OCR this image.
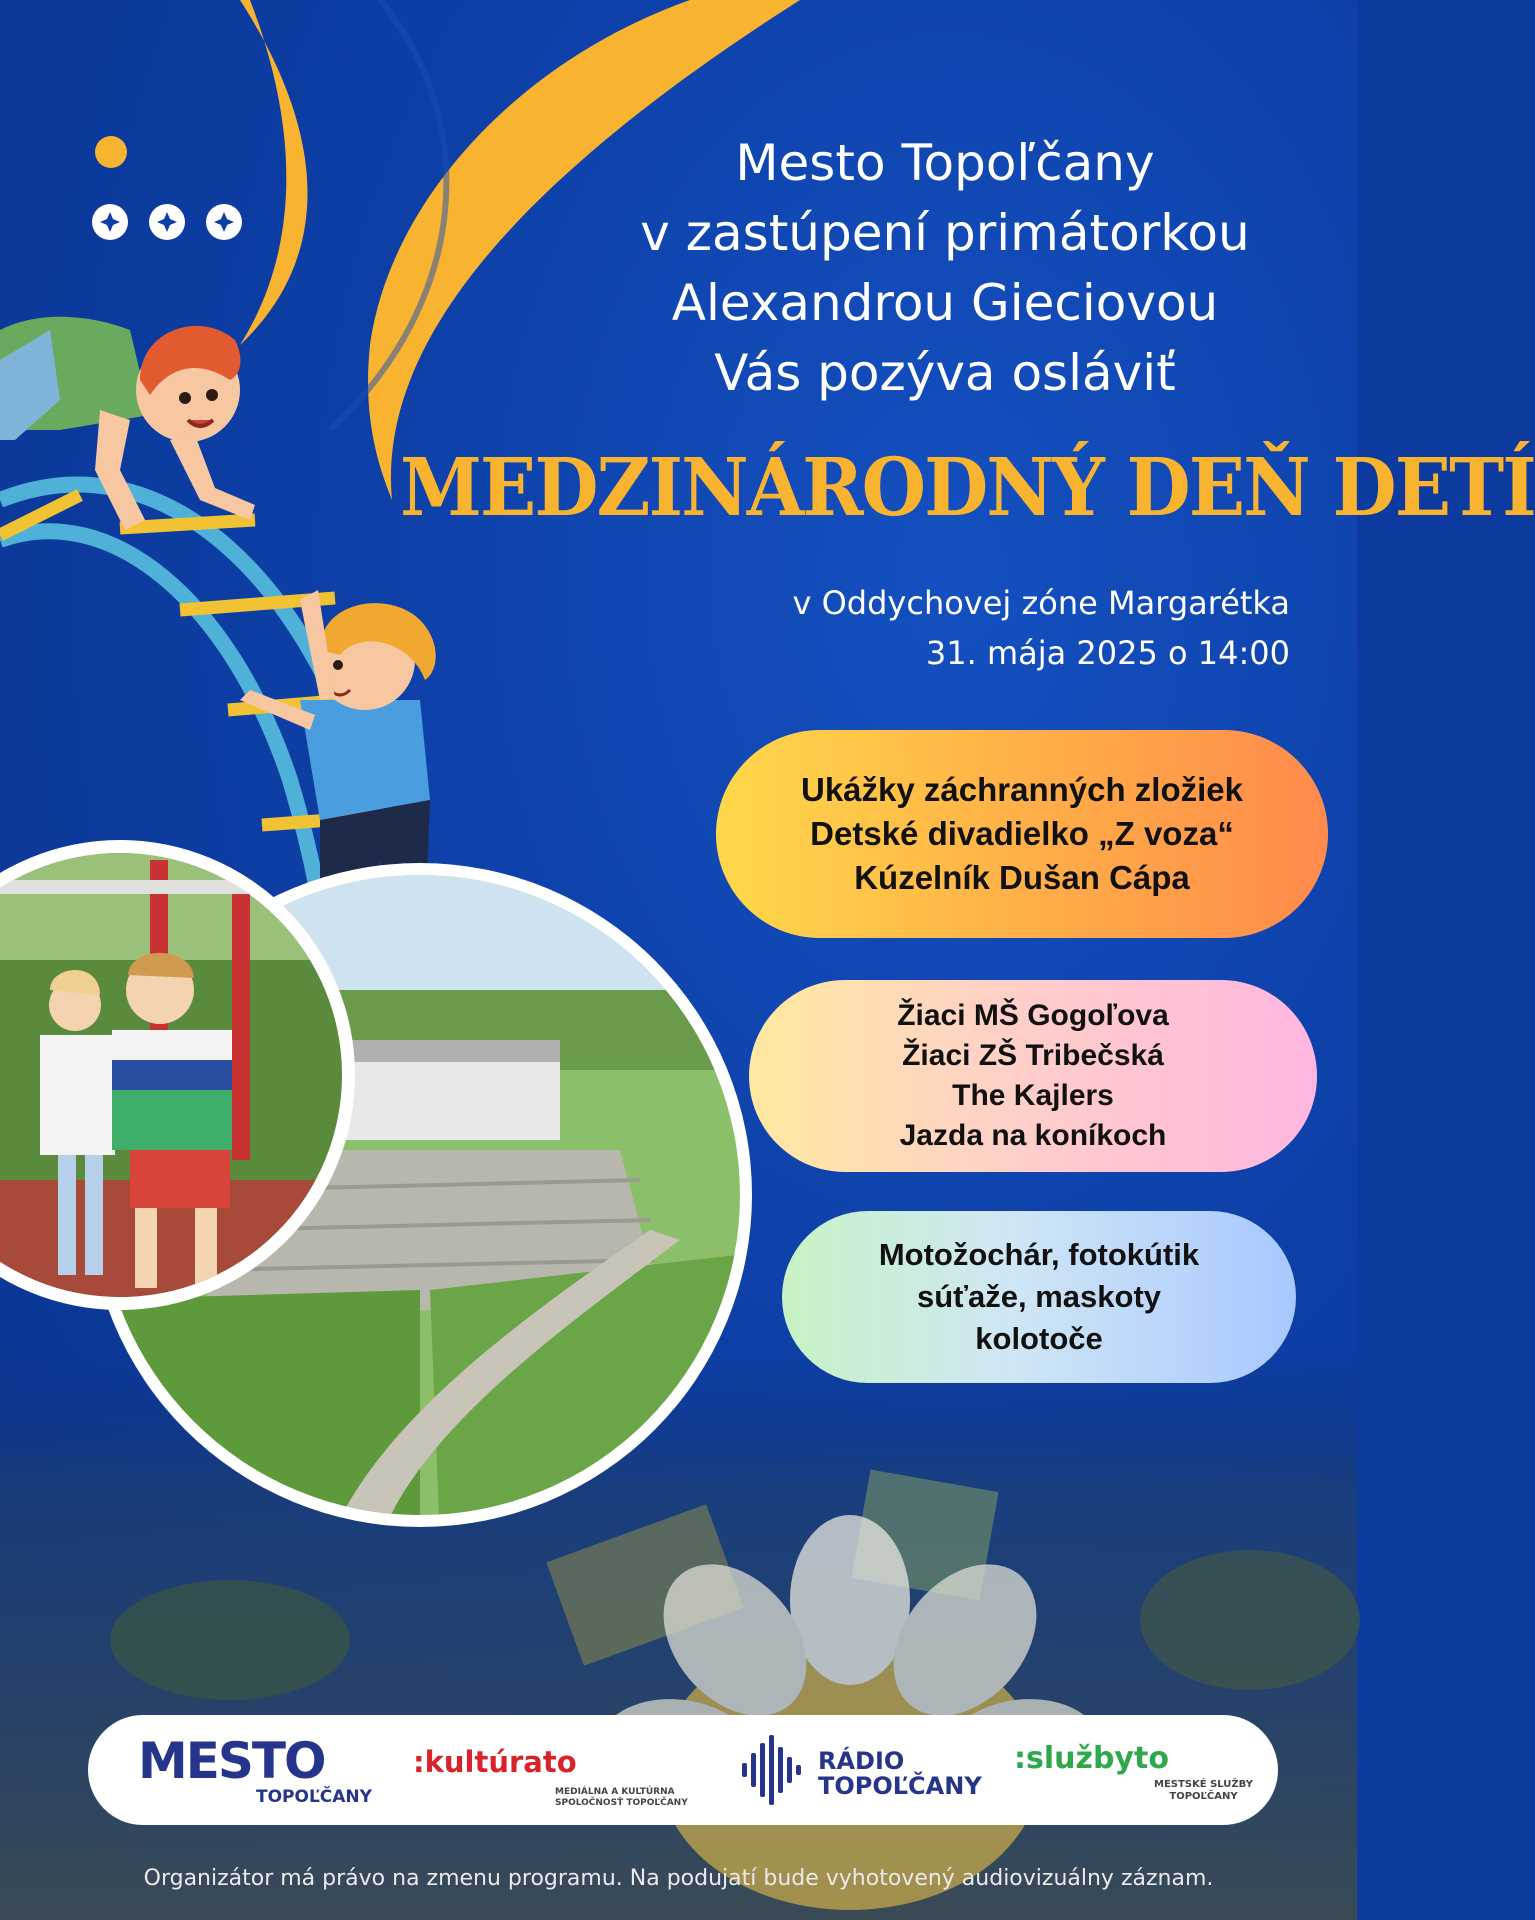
Mesto Topoľčany
v zastúpení primátorkou
Alexandrou Gieciovou
Vás pozýva osláviť
MEDZINÁRODNÝ DEŇ DETÍ
v Oddychovej zóne Margarétka
31. mája 2025 o 14:00
Ukážky záchranných zložiek
Detské divadielko „Z voza“
Kúzelník Dušan Cápa
Žiaci MŠ Gogoľova
Žiaci ZŠ Tribečská
The Kajlers
Jazda na koníkoch
Motožochár, fotokútik
súťaže, maskoty
kolotoče
MESTO
TOPOĽČANY
:kultúrato
MEDIÁLNA A KULTÚRNA
SPOLOČNOSŤ TOPOĽČANY
RÁDIO
TOPOĽČANY
:službyto
MESTSKÉ SLUŽBY
TOPOĽČANY
Organizátor má právo na zmenu programu. Na podujatí bude vyhotovený audiovizuálny záznam.
